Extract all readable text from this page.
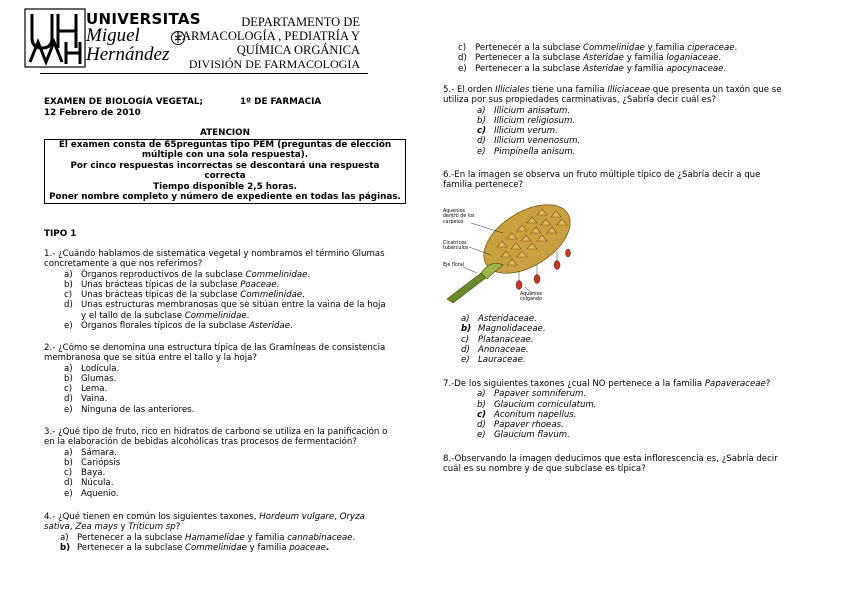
UNIVERSITAS
Miguel
Hernández
DEPARTAMENTO DE
FARMACOLOGÍA , PEDIATRÍA Y
QUÍMICA ORGÁNICA
DIVISIÓN DE FARMACOLOGIA
EXAMEN DE BIOLOGÍA VEGETAL;	1º DE FARMACIA
12 Febrero de 2010
ATENCION
El examen consta de 65preguntas tipo PEM (preguntas de elección
múltiple con una sola respuesta).
Por cinco respuestas incorrectas se descontará una respuesta
correcta
Tiempo disponible 2,5 horas.
Poner nombre completo y número de expediente en todas las páginas.
TIPO 1
1.- ¿Cuándo hablamos de sistemática vegetal y nombramos el término Glumas
concretamente a que nos referimos?
a) Órganos reproductivos de la subclase Commelinidae.
b) Unas brácteas típicas de la subclase Poaceae.
c) Unas brácteas típicas de la subclase Commelinidae.
d) Unas estructuras membranosas que se sitúan entre la vaina de la hoja
y el tallo de la subclase Commelinidae.
e) Órganos florales típicos de la subclase Asteridae.
2.- ¿Cómo se denomina una estructura típica de las Gramíneas de consistencia
membranosa que se sitúa entre el tallo y la hoja?
a) Lodícula.
b) Glumas.
c) Lema.
d) Vaina.
e) Ninguna de las anteriores.
3.- ¿Qué tipo de fruto, rico en hidratos de carbono se utiliza en la panificación o
en la elaboración de bebidas alcohólicas tras procesos de fermentación?
a) Sámara.
b) Cariópsis
c) Baya.
d) Núcula.
e) Aquenio.
4.- ¿Qué tienen en común los siguientes taxones, Hordeum vulgare, Oryza
sativa, Zea mays y Triticum sp?
a) Pertenecer a la subclase Hamamelidae y familia cannabinaceae.
b) Pertenecer a la subclase Commelinidae y familia poaceae.
c) Pertenecer a la subclase Commelinidae y familia ciperaceae.
d) Pertenecer a la subclase Asteridae y familia loganiaceae.
e) Pertenecer a la subclase Asteridae y familia apocynaceae.
5.- El orden Illiciales tiene una familia Illiciaceae que presenta un taxón que se
utiliza por sus propiedades carminativas, ¿Sabría decir cuál es?
a) Illicium anisatum.
b) Illicium religiosum.
c) Illicium verum.
d) Illicium venenosum.
e) Pimpinella anisum.
6.-En la imagen se observa un fruto múltiple típico de ¿Sabría decir a que
familia pertenece?
Aquenios dentro de los carpelos
Cicatrices tubérculos
Eje floral
Aquenios colgando
a) Asteridaceae.
b) Magnolidaceae.
c) Platanaceae.
d) Anonaceae.
e) Lauraceae.
7.-De los siguientes taxones ¿cual NO pertenece a la familia Papaveraceae?
a) Papaver somniferum.
b) Glaucium corniculatum.
c) Aconitum napellus.
d) Papaver rhoeas.
e) Glaucium flavum.
8.-Observando la imagen deducimos que esta inflorescencia es, ¿Sabría decir
cuál es su nombre y de que subclase es típica?
